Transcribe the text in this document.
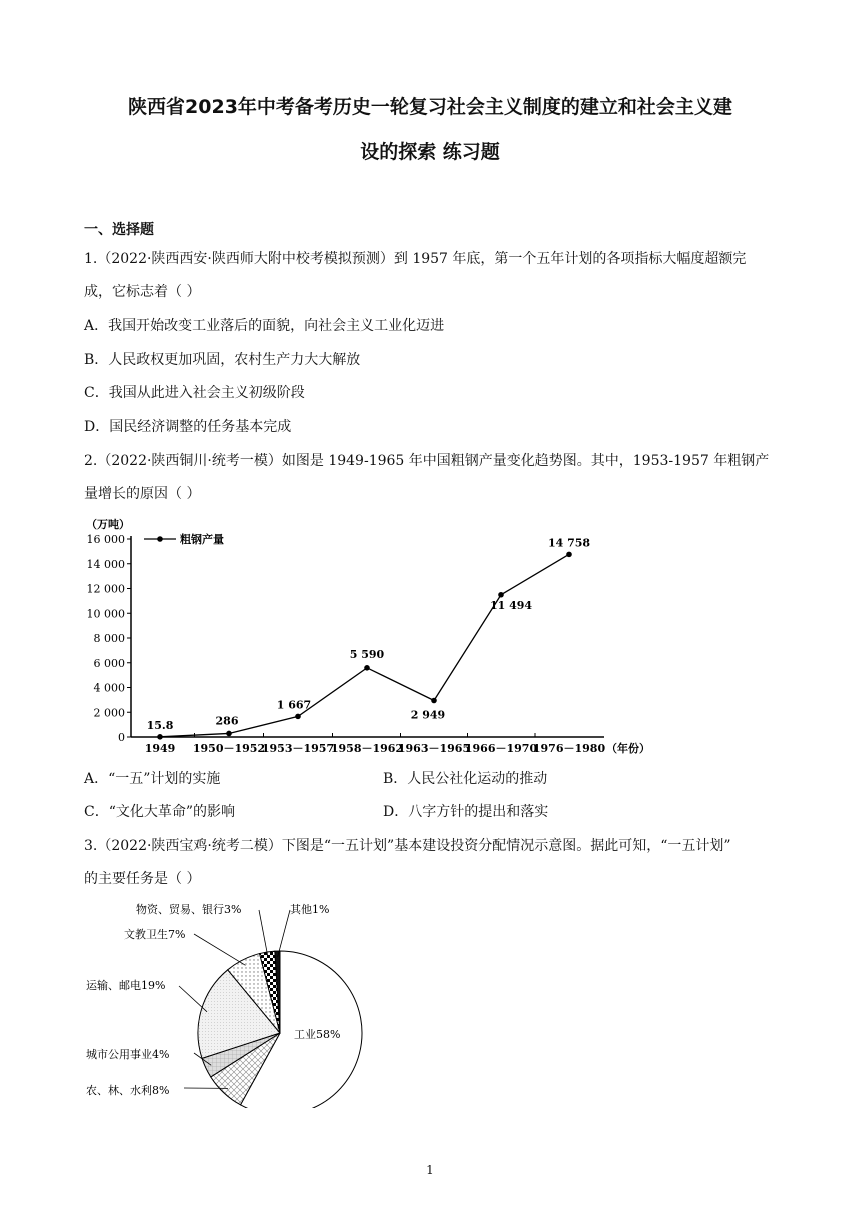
陕西省2023年中考备考历史一轮复习社会主义制度的建立和社会主义建
设的探索 练习题
一、选择题
1.（2022·陕西西安·陕西师大附中校考模拟预测）到 1957 年底，第一个五年计划的各项指标大幅度超额完
成，它标志着（ ）
A．我国开始改变工业落后的面貌，向社会主义工业化迈进
B．人民政权更加巩固，农村生产力大大解放
C．我国从此进入社会主义初级阶段
D．国民经济调整的任务基本完成
2.（2022·陕西铜川·统考一模）如图是 1949-1965 年中国粗钢产量变化趋势图。其中，1953-1957 年粗钢产
量增长的原因（ ）
（万吨）
0
2 000
4 000
6 000
8 000
10 000
12 000
14 000
16 000
1949 1950－1952
1953－1957
1958－1962
1963－1965
1966－1970
1976－1980 （年份）
粗钢产量
15.8	286
1 667
5 590
2 949
11 494
14 758
A．“一五”计划的实施	B．人民公社化运动的推动
C．“文化大革命”的影响	D．八字方针的提出和落实
3.（2022·陕西宝鸡·统考二模）下图是“一五计划”基本建设投资分配情况示意图。据此可知，“一五计划”
的主要任务是（ ）
工业58%
农、林、水利8%
城市公用事业4%
运输、邮电19%
文教卫生7%
物资、贸易、银行3%	其他1%
1
